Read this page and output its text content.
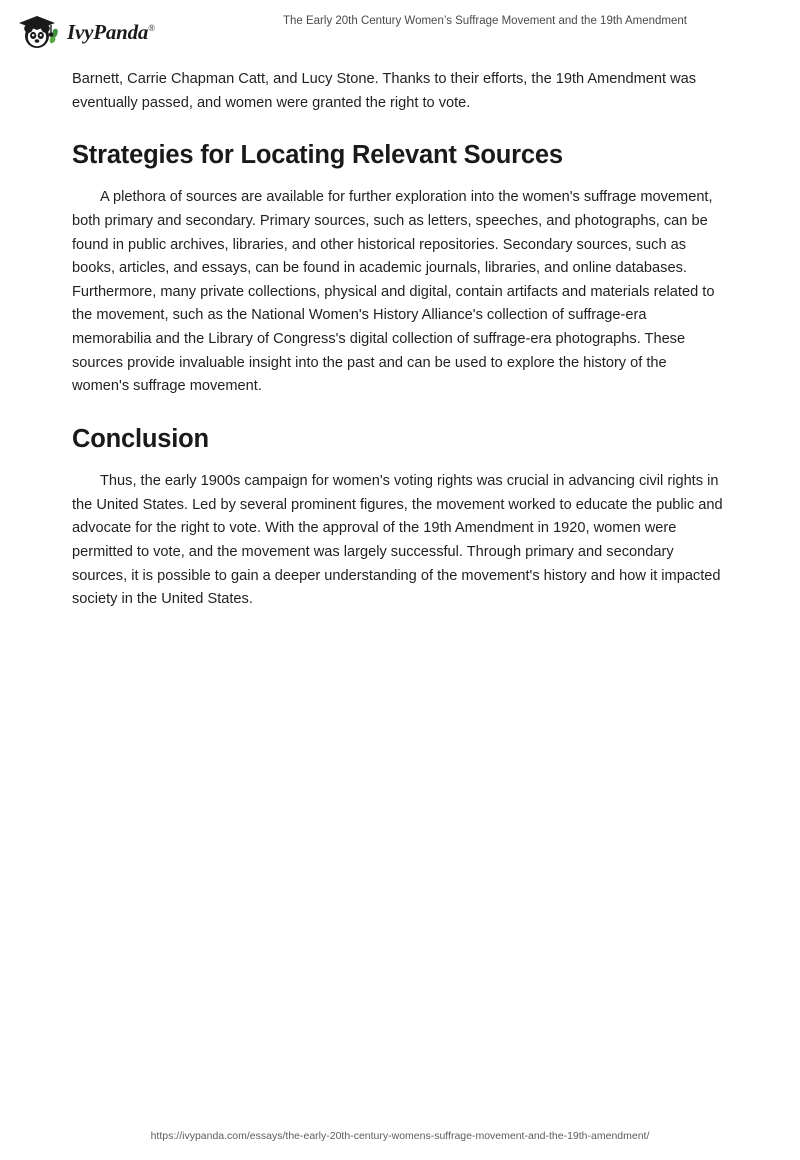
IvyPanda®
The Early 20th Century Women’s Suffrage Movement and the 19th Amendment

Barnett, Carrie Chapman Catt, and Lucy Stone. Thanks to their efforts, the 19th Amendment was eventually passed, and women were granted the right to vote.

Strategies for Locating Relevant Sources

A plethora of sources are available for further exploration into the women's suffrage movement, both primary and secondary. Primary sources, such as letters, speeches, and photographs, can be found in public archives, libraries, and other historical repositories. Secondary sources, such as books, articles, and essays, can be found in academic journals, libraries, and online databases. Furthermore, many private collections, physical and digital, contain artifacts and materials related to the movement, such as the National Women's History Alliance's collection of suffrage-era memorabilia and the Library of Congress's digital collection of suffrage-era photographs. These sources provide invaluable insight into the past and can be used to explore the history of the women's suffrage movement.

Conclusion

Thus, the early 1900s campaign for women's voting rights was crucial in advancing civil rights in the United States. Led by several prominent figures, the movement worked to educate the public and advocate for the right to vote. With the approval of the 19th Amendment in 1920, women were permitted to vote, and the movement was largely successful. Through primary and secondary sources, it is possible to gain a deeper understanding of the movement's history and how it impacted society in the United States.

https://ivypanda.com/essays/the-early-20th-century-womens-suffrage-movement-and-the-19th-amendment/
